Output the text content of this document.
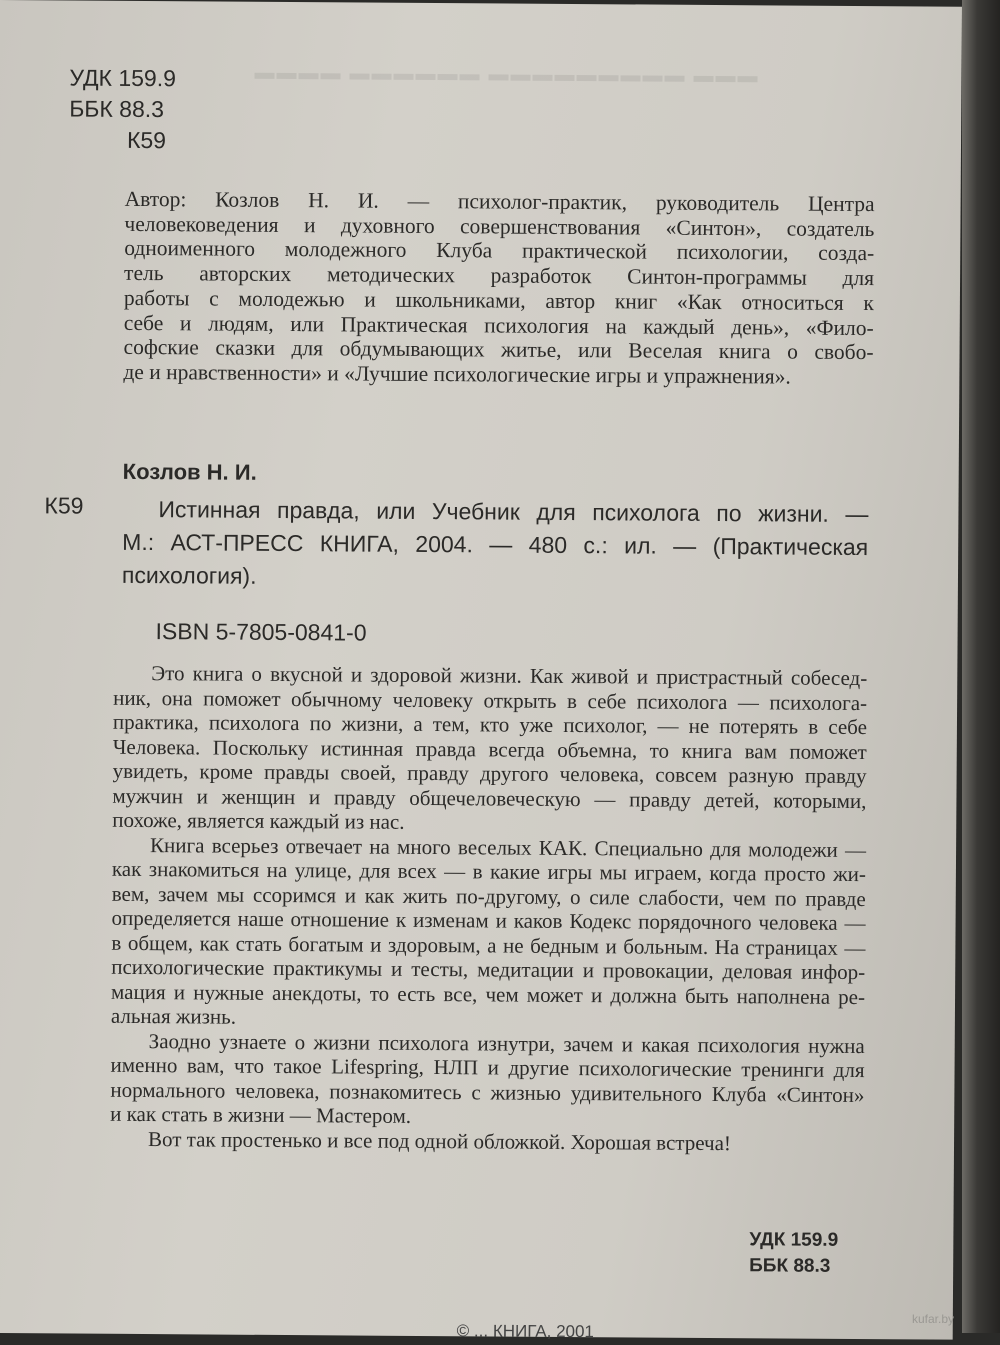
▬▬▬▬ ▬▬▬▬▬▬ ▬▬▬▬▬▬▬▬▬ ▬▬▬
УДК 159.9
ББК 88.3
К59
Автор: Козлов Н. И. — психолог-практик, руководитель Центра
человековедения и духовного совершенствования «Синтон», создатель
одноименного молодежного Клуба практической психологии, созда-
тель авторских методических разработок Синтон-программы для
работы с молодежью и школьниками, автор книг «Как относиться к
себе и людям, или Практическая психология на каждый день», «Фило-
софские сказки для обдумывающих житье, или Веселая книга о свобо-
де и нравственности» и «Лучшие психологические игры и упражнения».
Козлов Н. И.
К59	Истинная правда, или Учебник для психолога по жизни. —
М.: АСТ-ПРЕСС КНИГА, 2004. — 480 с.: ил. — (Практическая
психология).
ISBN 5-7805-0841-0
Это книга о вкусной и здоровой жизни. Как живой и пристрастный собесед-
ник, она поможет обычному человеку открыть в себе психолога — психолога-
практика, психолога по жизни, а тем, кто уже психолог, — не потерять в себе
Человека. Поскольку истинная правда всегда объемна, то книга вам поможет
увидеть, кроме правды своей, правду другого человека, совсем разную правду
мужчин и женщин и правду общечеловеческую — правду детей, которыми,
похоже, является каждый из нас.
Книга всерьез отвечает на много веселых КАК. Специально для молодежи —
как знакомиться на улице, для всех — в какие игры мы играем, когда просто жи-
вем, зачем мы ссоримся и как жить по-другому, о силе слабости, чем по правде
определяется наше отношение к изменам и каков Кодекс порядочного человека —
в общем, как стать богатым и здоровым, а не бедным и больным. На страницах —
психологические практикумы и тесты, медитации и провокации, деловая инфор-
мация и нужные анекдоты, то есть все, чем может и должна быть наполнена ре-
альная жизнь.
Заодно узнаете о жизни психолога изнутри, зачем и какая психология нужна
именно вам, что такое Lifespring, НЛП и другие психологические тренинги для
нормального человека, познакомитесь с жизнью удивительного Клуба «Синтон»
и как стать в жизни — Мастером.
Вот так простенько и все под одной обложкой. Хорошая встреча!
УДК 159.9
ББК 88.3
© ... КНИГА, 2001
kufar.by
